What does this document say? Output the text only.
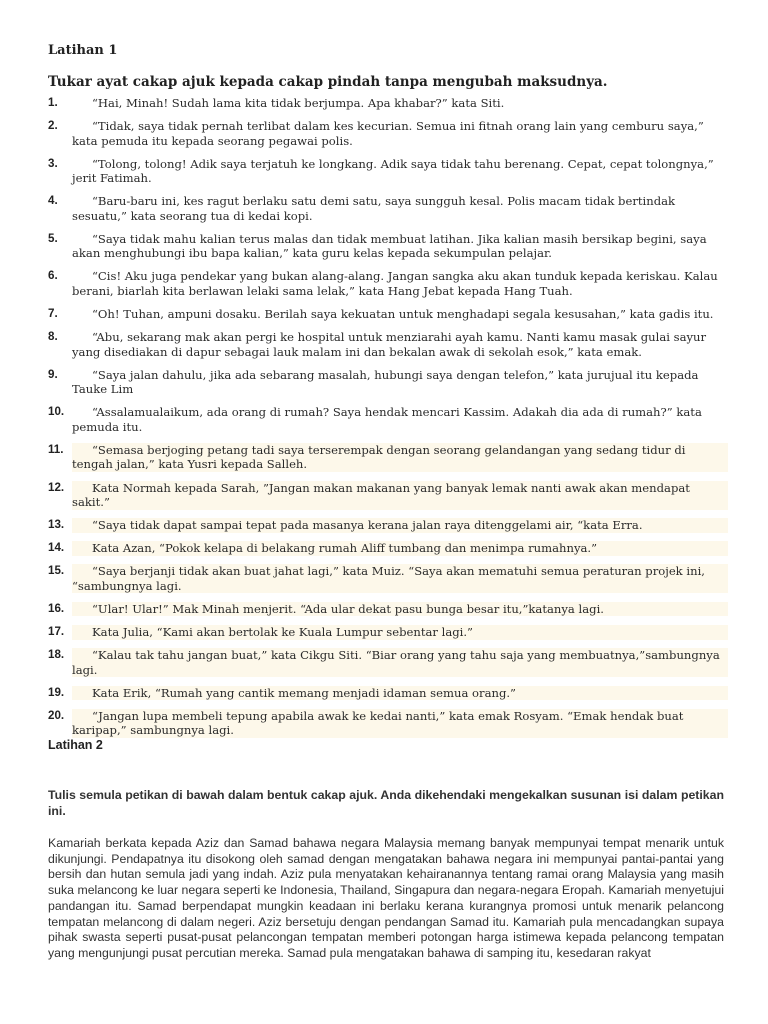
Latihan 1
Tukar ayat cakap ajuk kepada cakap pindah tanpa mengubah maksudnya.
1.	“Hai, Minah! Sudah lama kita tidak berjumpa. Apa khabar?” kata Siti.
2.	“Tidak, saya tidak pernah terlibat dalam kes kecurian. Semua ini fitnah orang lain yang cemburu saya,” kata pemuda itu kepada seorang pegawai polis.
3.	“Tolong, tolong! Adik saya terjatuh ke longkang. Adik saya tidak tahu berenang. Cepat, cepat tolongnya,” jerit Fatimah.
4.	“Baru-baru ini, kes ragut berlaku satu demi satu, saya sungguh kesal. Polis macam tidak bertindak sesuatu,” kata seorang tua di kedai kopi.
5.	“Saya tidak mahu kalian terus malas dan tidak membuat latihan. Jika kalian masih bersikap begini, saya akan menghubungi ibu bapa kalian,” kata guru kelas kepada sekumpulan pelajar.
6.	“Cis! Aku juga pendekar yang bukan alang-alang. Jangan sangka aku akan tunduk kepada keriskau. Kalau berani, biarlah kita berlawan lelaki sama lelak,” kata Hang Jebat kepada Hang Tuah.
7.	“Oh! Tuhan, ampuni dosaku. Berilah saya kekuatan untuk menghadapi segala kesusahan,” kata gadis itu.
8.	“Abu, sekarang mak akan pergi ke hospital untuk menziarahi ayah kamu. Nanti kamu masak gulai sayur yang disediakan di dapur sebagai lauk malam ini dan bekalan awak di sekolah esok,” kata emak.
9.	“Saya jalan dahulu, jika ada sebarang masalah, hubungi saya dengan telefon,” kata jurujual itu kepada Tauke Lim
10.	“Assalamualaikum, ada orang di rumah? Saya hendak mencari Kassim. Adakah dia ada di rumah?” kata pemuda itu.
11.	“Semasa berjoging petang tadi saya terserempak dengan seorang gelandangan yang sedang tidur di tengah jalan,” kata Yusri kepada Salleh.
12.	Kata Normah kepada Sarah, ”Jangan makan makanan yang banyak lemak nanti awak akan mendapat sakit.”
13.	“Saya tidak dapat sampai tepat pada masanya kerana jalan raya ditenggelami air, “kata Erra.
14.	Kata Azan, “Pokok kelapa di belakang rumah Aliff tumbang dan menimpa rumahnya.”
15.	“Saya berjanji tidak akan buat jahat lagi,” kata Muiz. “Saya akan mematuhi semua peraturan projek ini, “sambungnya lagi.
16.	“Ular! Ular!” Mak Minah menjerit. “Ada ular dekat pasu bunga besar itu,”katanya lagi.
17.	Kata Julia, “Kami akan bertolak ke Kuala Lumpur sebentar lagi.”
18.	“Kalau tak tahu jangan buat,” kata Cikgu Siti. “Biar orang yang tahu saja yang membuatnya,”sambungnya lagi.
19.	Kata Erik, “Rumah yang cantik memang menjadi idaman semua orang.”
20.	“Jangan lupa membeli tepung apabila awak ke kedai nanti,” kata emak Rosyam. “Emak hendak buat karipap,” sambungnya lagi.
Latihan 2
Tulis semula petikan di bawah dalam bentuk cakap ajuk. Anda dikehendaki mengekalkan susunan isi dalam petikan ini.
Kamariah berkata kepada Aziz dan Samad bahawa negara Malaysia memang banyak mempunyai tempat menarik untuk dikunjungi. Pendapatnya itu disokong oleh samad dengan mengatakan bahawa negara ini mempunyai pantai-pantai yang bersih dan hutan semula jadi yang indah. Aziz pula menyatakan kehairanannya tentang ramai orang Malaysia yang masih suka melancong ke luar negara seperti ke Indonesia, Thailand, Singapura dan negara-negara Eropah. Kamariah menyetujui pandangan itu. Samad berpendapat mungkin keadaan ini berlaku kerana kurangnya promosi untuk menarik pelancong tempatan melancong di dalam negeri. Aziz bersetuju dengan pendangan Samad itu. Kamariah pula mencadangkan supaya pihak swasta seperti pusat-pusat pelancongan tempatan memberi potongan harga istimewa kepada pelancong tempatan yang mengunjungi pusat percutian mereka. Samad pula mengatakan bahawa di samping itu, kesedaran rakyat
